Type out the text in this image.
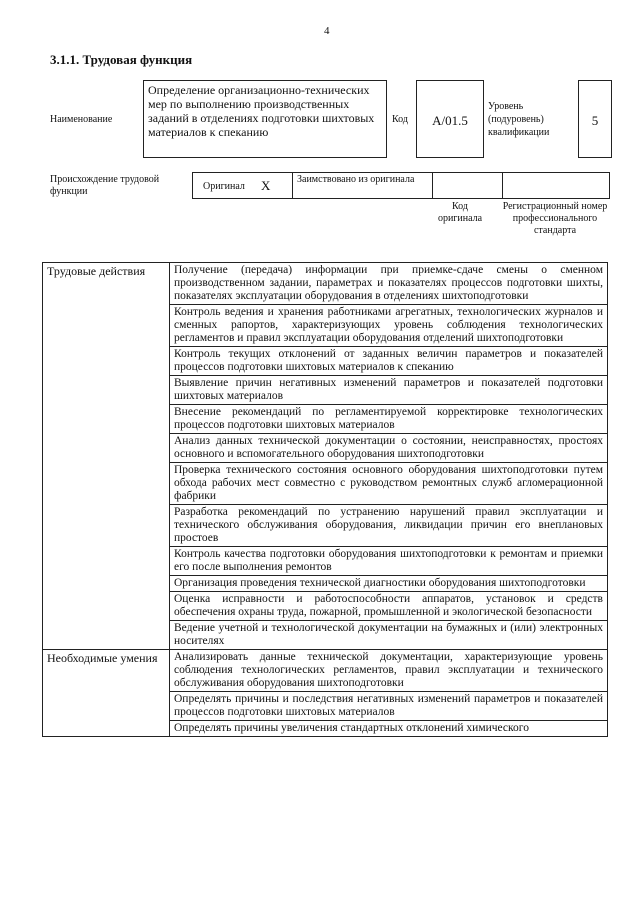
4
3.1.1. Трудовая функция
Наименование
Определение организационно-технических мер по выполнению производственных заданий в отделениях подготовки шихтовых материалов к спеканию
Код	A/01.5
Уровень (подуровень) квалификации
5
Происхождение трудовой функции	Оригинал X	Заимствовано из оригинала
Код оригинала
Регистрационный номер профессионального стандарта
Трудовые действия	Получение (передача) информации при приемке-сдаче смены о сменном производственном задании, параметрах и показателях процессов подготовки шихты, показателях эксплуатации оборудования в отделениях шихтоподготовки
	Контроль ведения и хранения работниками агрегатных, технологических журналов и сменных рапортов, характеризующих уровень соблюдения технологических регламентов и правил эксплуатации оборудования отделений шихтоподготовки
	Контроль текущих отклонений от заданных величин параметров и показателей процессов подготовки шихтовых материалов к спеканию
	Выявление причин негативных изменений параметров и показателей подготовки шихтовых материалов
	Внесение рекомендаций по регламентируемой корректировке технологических процессов подготовки шихтовых материалов
	Анализ данных технической документации о состоянии, неисправностях, простоях основного и вспомогательного оборудования шихтоподготовки
	Проверка технического состояния основного оборудования шихтоподготовки путем обхода рабочих мест совместно с руководством ремонтных служб агломерационной фабрики
	Разработка рекомендаций по устранению нарушений правил эксплуатации и технического обслуживания оборудования, ликвидации причин его внеплановых простоев
	Контроль качества подготовки оборудования шихтоподготовки к ремонтам и приемки его после выполнения ремонтов
	Организация проведения технической диагностики оборудования шихтоподготовки
	Оценка исправности и работоспособности аппаратов, установок и средств обеспечения охраны труда, пожарной, промышленной и экологической безопасности
	Ведение учетной и технологической документации на бумажных и (или) электронных носителях
Необходимые умения	Анализировать данные технической документации, характеризующие уровень соблюдения технологических регламентов, правил эксплуатации и технического обслуживания оборудования шихтоподготовки
	Определять причины и последствия негативных изменений параметров и показателей процессов подготовки шихтовых материалов
	Определять причины увеличения стандартных отклонений химического
